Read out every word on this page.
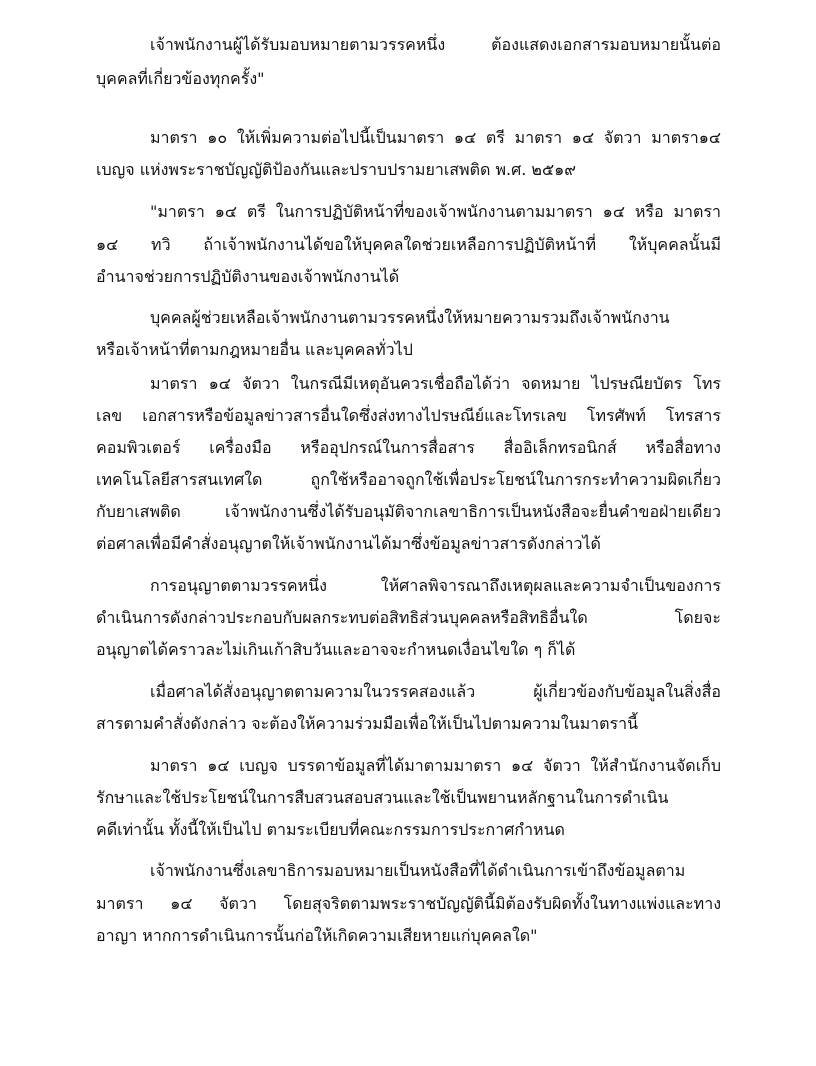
เจ้าพนักงานผู้ได้รับมอบหมายตามวรรคหนึ่ง ต้องแสดงเอกสารมอบหมายนั้นต่อ
บุคคลที่เกี่ยวข้องทุกครั้ง"
มาตรา ๑๐ ให้เพิ่มความต่อไปนี้เป็นมาตรา ๑๔ ตรี มาตรา ๑๔ จัตวา มาตรา๑๔
เบญจ แห่งพระราชบัญญัติป้องกันและปราบปรามยาเสพติด พ.ศ. ๒๕๑๙
"มาตรา ๑๔ ตรี ในการปฏิบัติหน้าที่ของเจ้าพนักงานตามมาตรา ๑๔ หรือ มาตรา
๑๔ ทวิ ถ้าเจ้าพนักงานได้ขอให้บุคคลใดช่วยเหลือการปฏิบัติหน้าที่ ให้บุคคลนั้นมี
อำนาจช่วยการปฏิบัติงานของเจ้าพนักงานได้
บุคคลผู้ช่วยเหลือเจ้าพนักงานตามวรรคหนึ่งให้หมายความรวมถึงเจ้าพนักงาน
หรือเจ้าหน้าที่ตามกฎหมายอื่น และบุคคลทั่วไป
มาตรา ๑๔ จัตวา ในกรณีมีเหตุอันควรเชื่อถือได้ว่า จดหมาย ไปรษณียบัตร โทร
เลข เอกสารหรือข้อมูลข่าวสารอื่นใดซึ่งส่งทางไปรษณีย์และโทรเลข โทรศัพท์ โทรสาร
คอมพิวเตอร์ เครื่องมือ หรืออุปกรณ์ในการสื่อสาร สื่ออิเล็กทรอนิกส์ หรือสื่อทาง
เทคโนโลยีสารสนเทศใด ถูกใช้หรืออาจถูกใช้เพื่อประโยชน์ในการกระทำความผิดเกี่ยว
กับยาเสพติด เจ้าพนักงานซึ่งได้รับอนุมัติจากเลขาธิการเป็นหนังสือจะยื่นคำขอฝ่ายเดียว
ต่อศาลเพื่อมีคำสั่งอนุญาตให้เจ้าพนักงานได้มาซึ่งข้อมูลข่าวสารดังกล่าวได้
การอนุญาตตามวรรคหนึ่ง ให้ศาลพิจารณาถึงเหตุผลและความจำเป็นของการ
ดำเนินการดังกล่าวประกอบกับผลกระทบต่อสิทธิส่วนบุคคลหรือสิทธิอื่นใด โดยจะ
อนุญาตได้คราวละไม่เกินเก้าสิบวันและอาจจะกำหนดเงื่อนไขใด ๆ ก็ได้
เมื่อศาลได้สั่งอนุญาตตามความในวรรคสองแล้ว ผู้เกี่ยวข้องกับข้อมูลในสิ่งสื่อ
สารตามคำสั่งดังกล่าว จะต้องให้ความร่วมมือเพื่อให้เป็นไปตามความในมาตรานี้
มาตรา ๑๔ เบญจ บรรดาข้อมูลที่ได้มาตามมาตรา ๑๔ จัตวา ให้สำนักงานจัดเก็บ
รักษาและใช้ประโยชน์ในการสืบสวนสอบสวนและใช้เป็นพยานหลักฐานในการดำเนิน
คดีเท่านั้น ทั้งนี้ให้เป็นไป ตามระเบียบที่คณะกรรมการประกาศกำหนด
เจ้าพนักงานซึ่งเลขาธิการมอบหมายเป็นหนังสือที่ได้ดำเนินการเข้าถึงข้อมูลตาม
มาตรา ๑๔ จัตวา โดยสุจริตตามพระราชบัญญัตินี้มิต้องรับผิดทั้งในทางแพ่งและทาง
อาญา หากการดำเนินการนั้นก่อให้เกิดความเสียหายแก่บุคคลใด"
